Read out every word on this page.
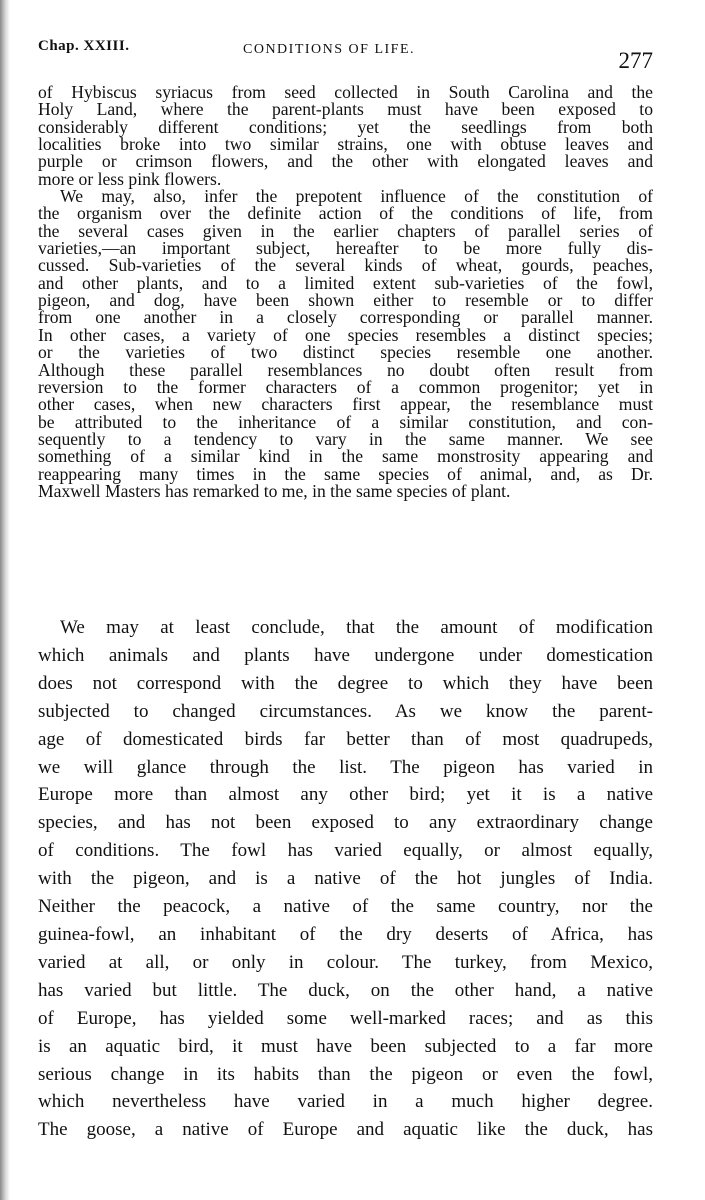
Chap. XXIII.	CONDITIONS OF LIFE.	277
of Hybiscus syriacus from seed collected in South Carolina and the
Holy Land, where the parent-plants must have been exposed to
considerably different conditions; yet the seedlings from both
localities broke into two similar strains, one with obtuse leaves and
purple or crimson flowers, and the other with elongated leaves and
more or less pink flowers.
We may, also, infer the prepotent influence of the constitution of
the organism over the definite action of the conditions of life, from
the several cases given in the earlier chapters of parallel series of
varieties,—an important subject, hereafter to be more fully dis-
cussed. Sub-varieties of the several kinds of wheat, gourds, peaches,
and other plants, and to a limited extent sub-varieties of the fowl,
pigeon, and dog, have been shown either to resemble or to differ
from one another in a closely corresponding or parallel manner.
In other cases, a variety of one species resembles a distinct species;
or the varieties of two distinct species resemble one another.
Although these parallel resemblances no doubt often result from
reversion to the former characters of a common progenitor; yet in
other cases, when new characters first appear, the resemblance must
be attributed to the inheritance of a similar constitution, and con-
sequently to a tendency to vary in the same manner. We see
something of a similar kind in the same monstrosity appearing and
reappearing many times in the same species of animal, and, as Dr.
Maxwell Masters has remarked to me, in the same species of plant.
We may at least conclude, that the amount of modification
which animals and plants have undergone under domestication
does not correspond with the degree to which they have been
subjected to changed circumstances. As we know the parent-
age of domesticated birds far better than of most quadrupeds,
we will glance through the list. The pigeon has varied in
Europe more than almost any other bird; yet it is a native
species, and has not been exposed to any extraordinary change
of conditions. The fowl has varied equally, or almost equally,
with the pigeon, and is a native of the hot jungles of India.
Neither the peacock, a native of the same country, nor the
guinea-fowl, an inhabitant of the dry deserts of Africa, has
varied at all, or only in colour. The turkey, from Mexico,
has varied but little. The duck, on the other hand, a native
of Europe, has yielded some well-marked races; and as this
is an aquatic bird, it must have been subjected to a far more
serious change in its habits than the pigeon or even the fowl,
which nevertheless have varied in a much higher degree.
The goose, a native of Europe and aquatic like the duck, has
